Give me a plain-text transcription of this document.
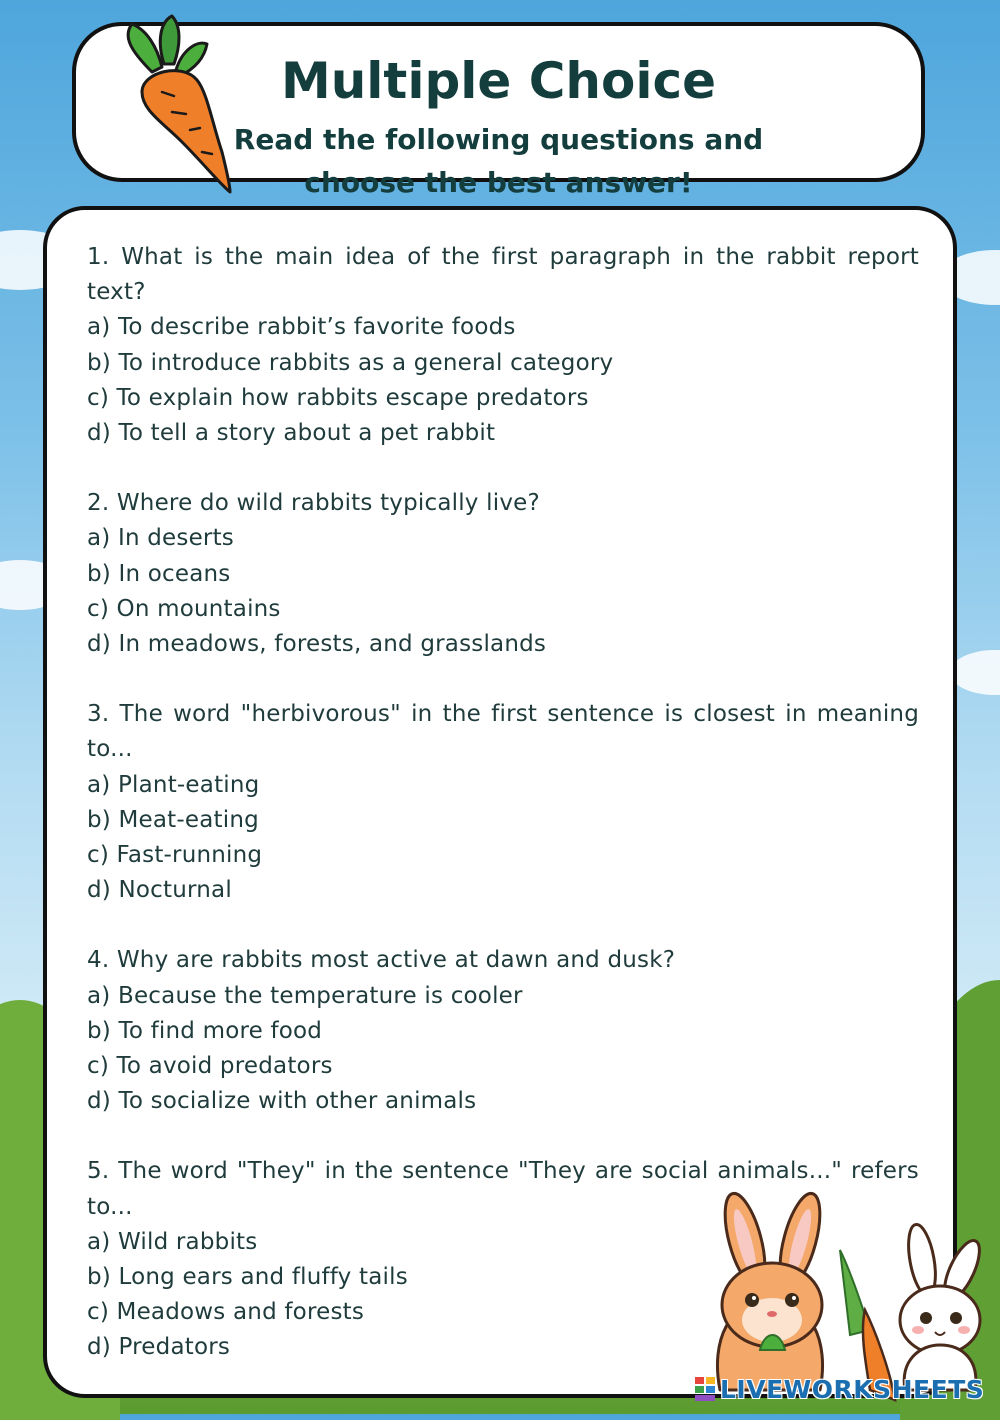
Multiple Choice
Read the following questions and
choose the best answer!
1. What is the main idea of the first paragraph in the rabbit report text?
a) To describe rabbit’s favorite foods
b) To introduce rabbits as a general category
c) To explain how rabbits escape predators
d) To tell a story about a pet rabbit
2. Where do wild rabbits typically live?
a) In deserts
b) In oceans
c) On mountains
d) In meadows, forests, and grasslands
3. The word "herbivorous" in the first sentence is closest in meaning to...
a) Plant-eating
b) Meat-eating
c) Fast-running
d) Nocturnal
4. Why are rabbits most active at dawn and dusk?
a) Because the temperature is cooler
b) To find more food
c) To avoid predators
d) To socialize with other animals
5. The word "They" in the sentence "They are social animals..." refers to...
a) Wild rabbits
b) Long ears and fluffy tails
c) Meadows and forests
d) Predators
LIVEWORKSHEETS
